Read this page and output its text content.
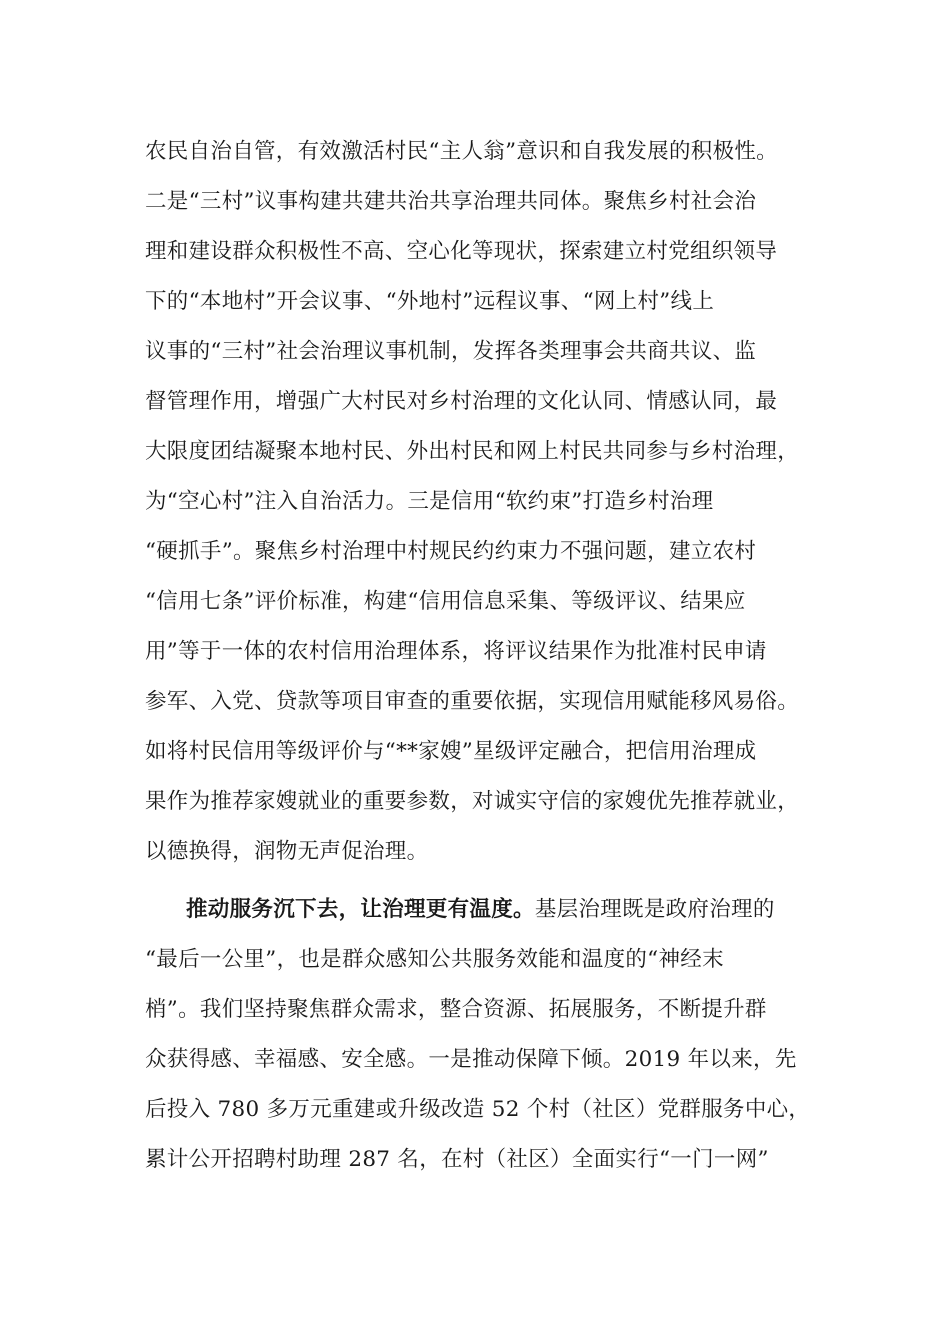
农民自治自管，有效激活村民“主人翁”意识和自我发展的积极性。
二是“三村”议事构建共建共治共享治理共同体。聚焦乡村社会治
理和建设群众积极性不高、空心化等现状，探索建立村党组织领导
下的“本地村”开会议事、“外地村”远程议事、“网上村”线上
议事的“三村”社会治理议事机制，发挥各类理事会共商共议、监
督管理作用，增强广大村民对乡村治理的文化认同、情感认同，最
大限度团结凝聚本地村民、外出村民和网上村民共同参与乡村治理，
为“空心村”注入自治活力。三是信用“软约束”打造乡村治理
“硬抓手”。聚焦乡村治理中村规民约约束力不强问题，建立农村
“信用七条”评价标准，构建“信用信息采集、等级评议、结果应
用”等于一体的农村信用治理体系，将评议结果作为批准村民申请
参军、入党、贷款等项目审查的重要依据，实现信用赋能移风易俗。
如将村民信用等级评价与“**家嫂”星级评定融合，把信用治理成
果作为推荐家嫂就业的重要参数，对诚实守信的家嫂优先推荐就业，
以德换得，润物无声促治理。
推动服务沉下去，让治理更有温度。基层治理既是政府治理的
“最后一公里”，也是群众感知公共服务效能和温度的“神经末
梢”。我们坚持聚焦群众需求，整合资源、拓展服务，不断提升群
众获得感、幸福感、安全感。一是推动保障下倾。2019 年以来，先
后投入 780 多万元重建或升级改造 52 个村（社区）党群服务中心，
累计公开招聘村助理 287 名，在村（社区）全面实行“一门一网”
